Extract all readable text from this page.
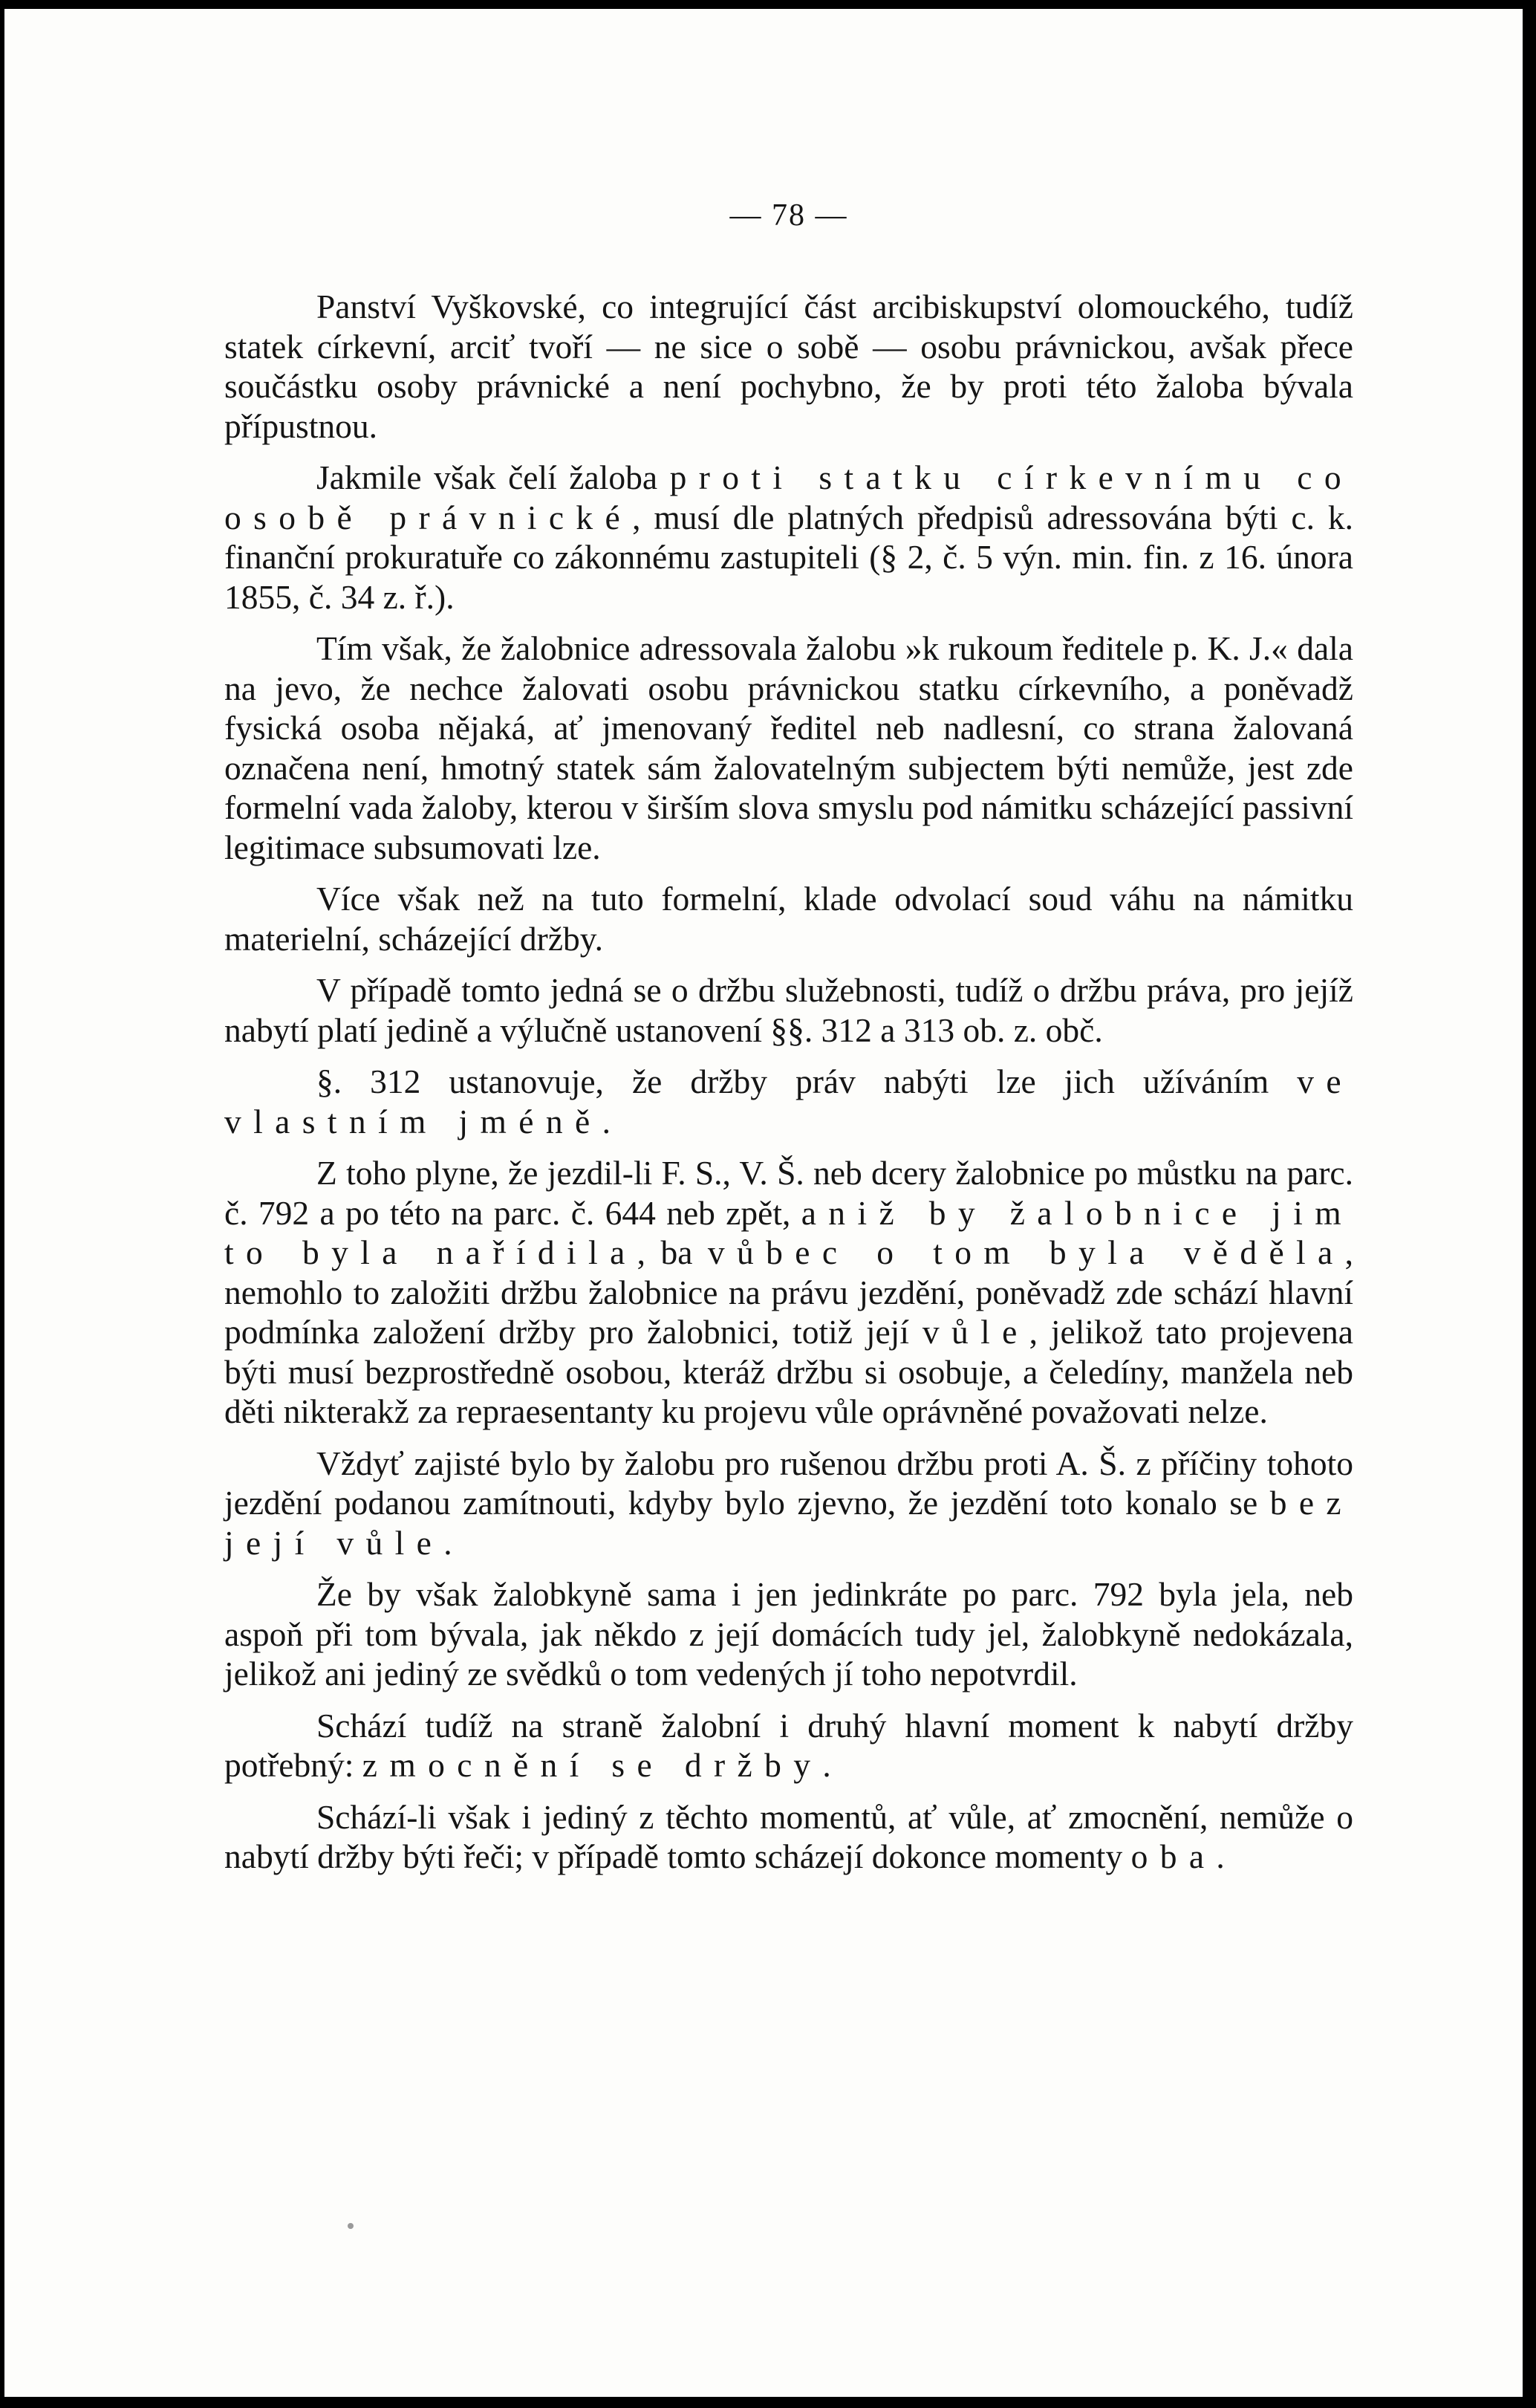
— 78 —

Panství Vyškovské, co integrující část arcibiskupství olomouckého, tudíž statek církevní, arciť tvoří — ne sice o sobě — osobu právnickou, avšak přece součástku osoby právnické a není pochybno, že by proti této žaloba bývala přípustnou.

Jakmile však čelí žaloba proti statku církevnímu co osobě právnické, musí dle platných předpisů adressována býti c. k. finanční prokuratuře co zákonnému zastupiteli (§ 2, č. 5 výn. min. fin. z 16. února 1855, č. 34 z. ř.).

Tím však, že žalobnice adressovala žalobu »k rukoum ředitele p. K. J.« dala na jevo, že nechce žalovati osobu právnickou statku církevního, a poněvadž fysická osoba nějaká, ať jmenovaný ředitel neb nadlesní, co strana žalovaná označena není, hmotný statek sám žalovatelným subjectem býti nemůže, jest zde formelní vada žaloby, kterou v širším slova smyslu pod námitku scházející passivní legitimace subsumovati lze.

Více však než na tuto formelní, klade odvolací soud váhu na námitku materielní, scházející držby.

V případě tomto jedná se o držbu služebnosti, tudíž o držbu práva, pro jejíž nabytí platí jedině a výlučně ustanovení §§. 312 a 313 ob. z. obč.

§. 312 ustanovuje, že držby práv nabýti lze jich užíváním ve vlastním jméně.

Z toho plyne, že jezdil-li F. S., V. Š. neb dcery žalobnice po můstku na parc. č. 792 a po této na parc. č. 644 neb zpět, aniž by žalobnice jim to byla nařídila, ba vůbec o tom byla věděla, nemohlo to založiti držbu žalobnice na právu jezdění, poněvadž zde schází hlavní podmínka založení držby pro žalobnici, totiž její vůle, jelikož tato projevena býti musí bezprostředně osobou, kteráž držbu si osobuje, a čeledíny, manžela neb děti nikterakž za repraesentanty ku projevu vůle oprávněné považovati nelze.

Vždyť zajisté bylo by žalobu pro rušenou držbu proti A. Š. z příčiny tohoto jezdění podanou zamítnouti, kdyby bylo zjevno, že jezdění toto konalo se bez její vůle.

Že by však žalobkyně sama i jen jedinkráte po parc. 792 byla jela, neb aspoň při tom bývala, jak někdo z její domácích tudy jel, žalobkyně nedokázala, jelikož ani jediný ze svědků o tom vedených jí toho nepotvrdil.

Schází tudíž na straně žalobní i druhý hlavní moment k nabytí držby potřebný: zmocnění se držby.

Schází-li však i jediný z těchto momentů, ať vůle, ať zmocnění, nemůže o nabytí držby býti řeči; v případě tomto scházejí dokonce momenty oba.
